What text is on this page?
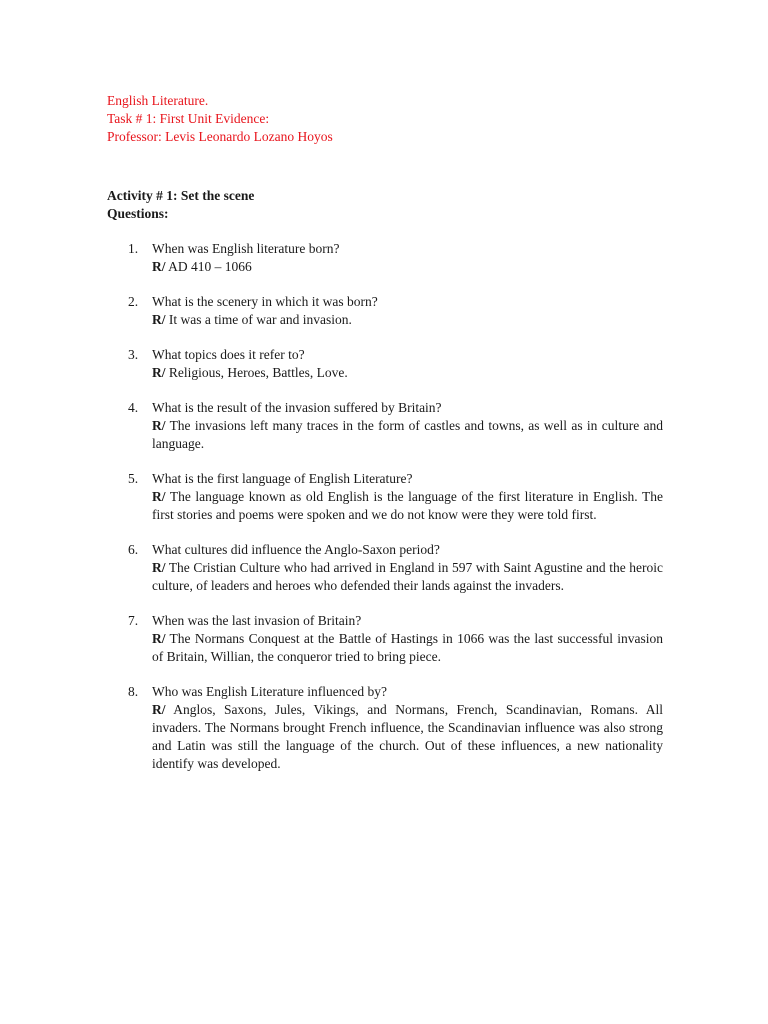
English Literature.
Task # 1: First Unit Evidence:
Professor: Levis Leonardo Lozano Hoyos
Activity # 1: Set the scene
Questions:
1. When was English literature born?
R/ AD 410 – 1066
2. What is the scenery in which it was born?
R/ It was a time of war and invasion.
3. What topics does it refer to?
R/ Religious, Heroes, Battles, Love.
4. What is the result of the invasion suffered by Britain?
R/ The invasions left many traces in the form of castles and towns, as well as in culture and language.
5. What is the first language of English Literature?
R/ The language known as old English is the language of the first literature in English. The first stories and poems were spoken and we do not know were they were told first.
6. What cultures did influence the Anglo-Saxon period?
R/ The Cristian Culture who had arrived in England in 597 with Saint Agustine and the heroic culture, of leaders and heroes who defended their lands against the invaders.
7. When was the last invasion of Britain?
R/ The Normans Conquest at the Battle of Hastings in 1066 was the last successful invasion of Britain, Willian, the conqueror tried to bring piece.
8. Who was English Literature influenced by?
R/ Anglos, Saxons, Jules, Vikings, and Normans, French, Scandinavian, Romans. All invaders. The Normans brought French influence, the Scandinavian influence was also strong and Latin was still the language of the church. Out of these influences, a new nationality identify was developed.
